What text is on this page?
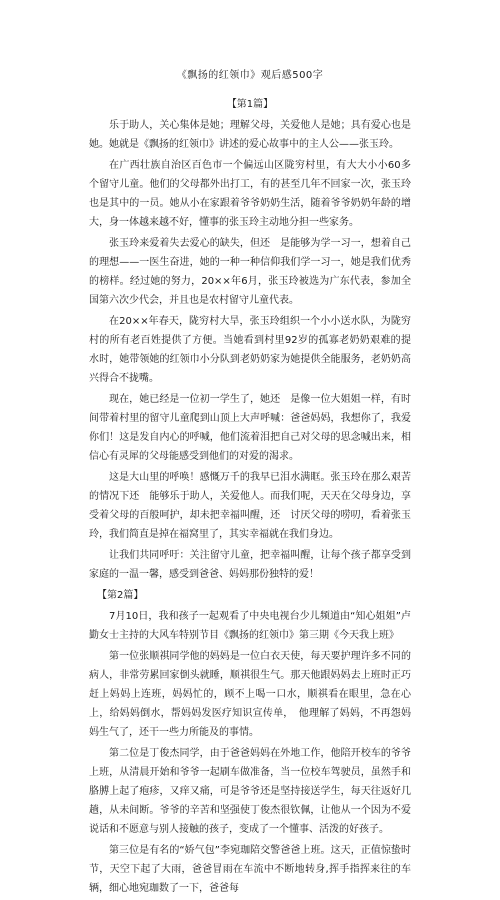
《飘扬的红领巾》观后感500字
【第1篇】

乐于助人，关心集体是她；理解父母，关爱他人是她；具有爱心也是她。她就是《飘扬的红领巾》讲述的爱心故事中的主人公——张玉玲。

在广西壮族自治区百色市一个偏远山区陇穷村里，有大大小小60多个留守儿童。他们的父母都外出打工，有的甚至几年不回家一次，张玉玲也是其中的一员。她从小在家跟着爷爷奶奶生活，随着爷爷奶奶年龄的增大，身一体越来越不好，懂事的张玉玲主动地分担一些家务。

张玉玲来爱着失去爱心的缺失，但还　是能够为学一习一，想着自己的理想——一医生奋进，她的一种一种信仰我们学一习一，她是我们优秀的榜样。经过她的努力，20××年6月，张玉玲被选为广东代表，参加全国第六次少代会，并且也是农村留守儿童代表。

在20××年春天，陇穷村大旱，张玉玲组织一个小小送水队，为陇穷村的所有老百姓提供了方便。当她看到村里92岁的孤寡老奶奶艰难的提水时，她带领她的红领巾小分队到老奶奶家为她提供全能服务，老奶奶高兴得合不拢嘴。

现在，她已经是一位初一学生了，她还　是像一位大姐姐一样，有时间带着村里的留守儿童爬到山顶上大声呼喊：爸爸妈妈，我想你了，我爱你们！这是发自内心的呼喊，他们流着泪把自己对父母的思念喊出来，相信心有灵犀的父母能感受到他们的对爱的渴求。

这是大山里的呼唤！感慨万千的我早已泪水满眶。张玉玲在那么艰苦的情况下还　能够乐于助人，关爱他人。而我们呢，天天在父母身边，享受着父母的百般呵护，却未把幸福叫醒，还　讨厌父母的唠叨，看着张玉玲，我们简直是掉在福窝里了，其实幸福就在我们身边。

让我们共同呼吁：关注留守儿童，把幸福叫醒，让每个孩子都享受到家庭的一温一馨，感受到爸爸、妈妈那份独特的爱！

【第2篇】

7月10日，我和孩子一起观看了中央电视台少儿频道由“知心姐姐”卢勤女士主持的大风车特别节目《飘扬的红领巾》第三期《今天我上班》

第一位张顺祺同学他的妈妈是一位白衣天使，每天要护理许多不同的病人，非常劳累回家倒头就睡，顺祺很生气。那天他跟妈妈去上班时正巧赶上妈妈上连班，妈妈忙的，顾不上喝一口水，顺祺看在眼里，急在心上，给妈妈倒水，帮妈妈发医疗知识宣传单，　他理解了妈妈，不再怨妈妈生气了，还干一些力所能及的事情。

第二位是丁俊杰同学，由于爸爸妈妈在外地工作，他陪开校车的爷爷上班，从清晨开始和爷爷一起刷车做准备，当一位校车驾驶员，虽然手和胳膊上起了疱疹，又痒又痛，可是爷爷还是坚持接送学生，每天往返好几趟，从未间断。爷爷的辛苦和坚强使丁俊杰很钦佩，让他从一个因为不爱说话和不愿意与别人接触的孩子，变成了一个懂事、活泼的好孩子。

第三位是有名的“娇气包”李宛珈陪交警爸爸上班。这天，正值惊蛰时节，天空下起了大雨，爸爸冒雨在车流中不断地转身,挥手指挥来往的车辆，细心地宛珈数了一下，爸爸每
